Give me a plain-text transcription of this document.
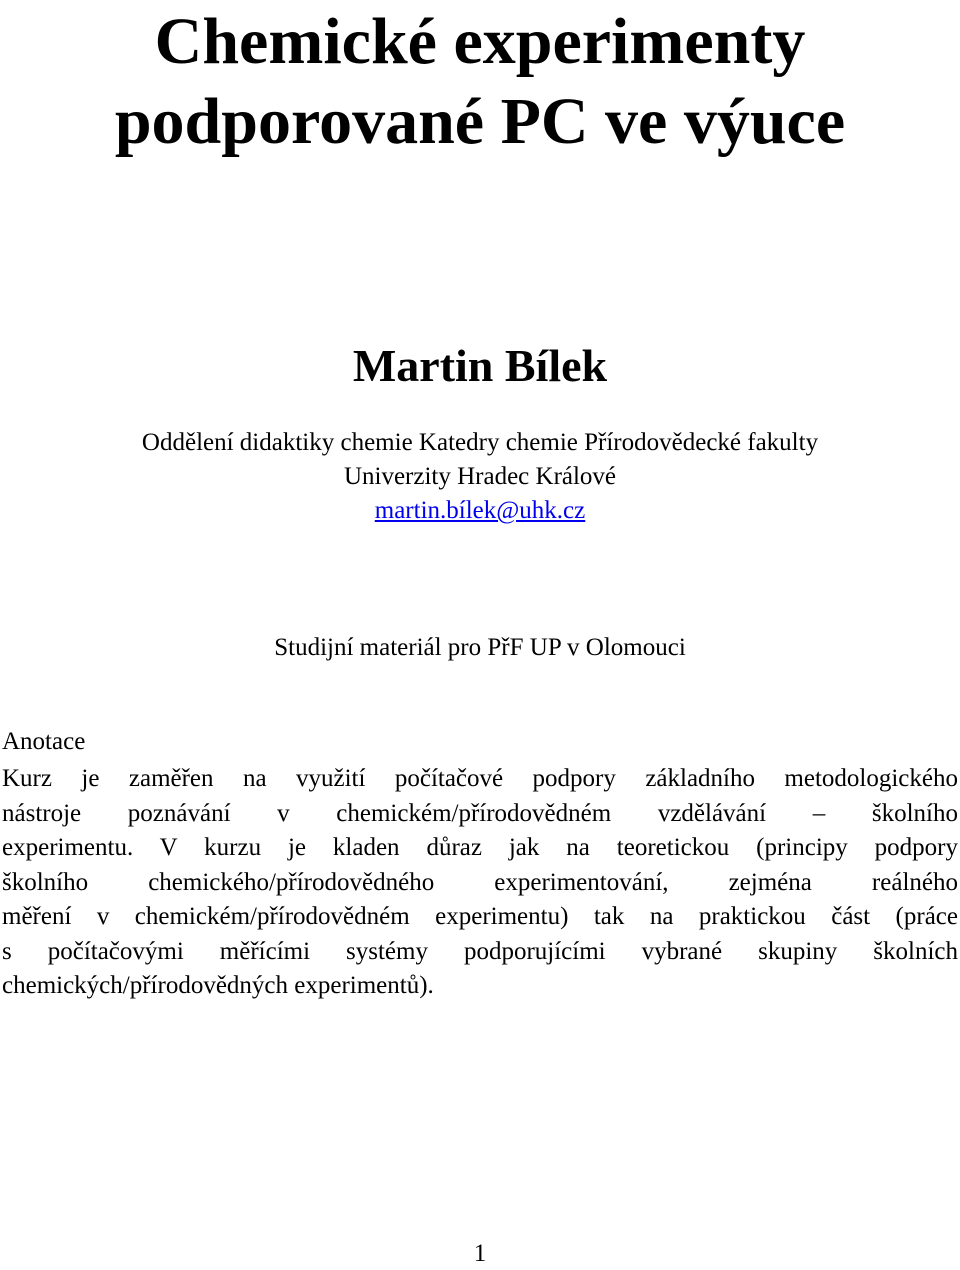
Chemické experimenty
podporované PC ve výuce
Martin Bílek
Oddělení didaktiky chemie Katedry chemie Přírodovědecké fakulty
Univerzity Hradec Králové
martin.bílek@uhk.cz
Studijní materiál pro PřF UP v Olomouci
Anotace
Kurz je zaměřen na využití počítačové podpory základního metodologického
nástroje poznávání v chemickém/přírodovědném vzdělávání – školního
experimentu. V kurzu je kladen důraz jak na teoretickou (principy podpory
školního chemického/přírodovědného experimentování, zejména reálného
měření v chemickém/přírodovědném experimentu) tak na praktickou část (práce
s počítačovými měřícími systémy podporujícími vybrané skupiny školních
chemických/přírodovědných experimentů).
1
